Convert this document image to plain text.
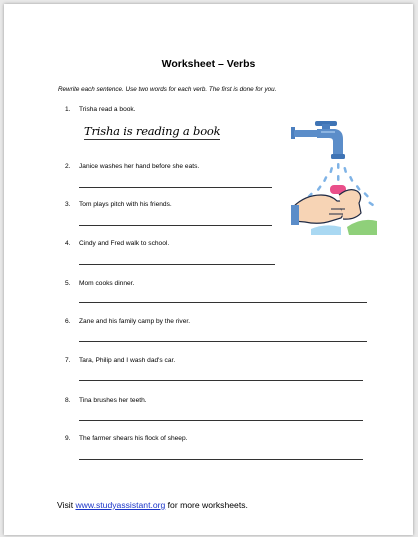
Worksheet – Verbs
Rewrite each sentence. Use two words for each verb. The first is done for you.
1. Trisha read a book.
Trisha is reading a book
2. Janice washes her hand before she eats.
3. Tom plays pitch with his friends.
4. Cindy and Fred walk to school.
5. Mom cooks dinner.
6. Zane and his family camp by the river.
7. Tara, Philip and I wash dad's car.
8. Tina brushes her teeth.
9. The farmer shears his flock of sheep.
Visit www.studyassistant.org for more worksheets.
